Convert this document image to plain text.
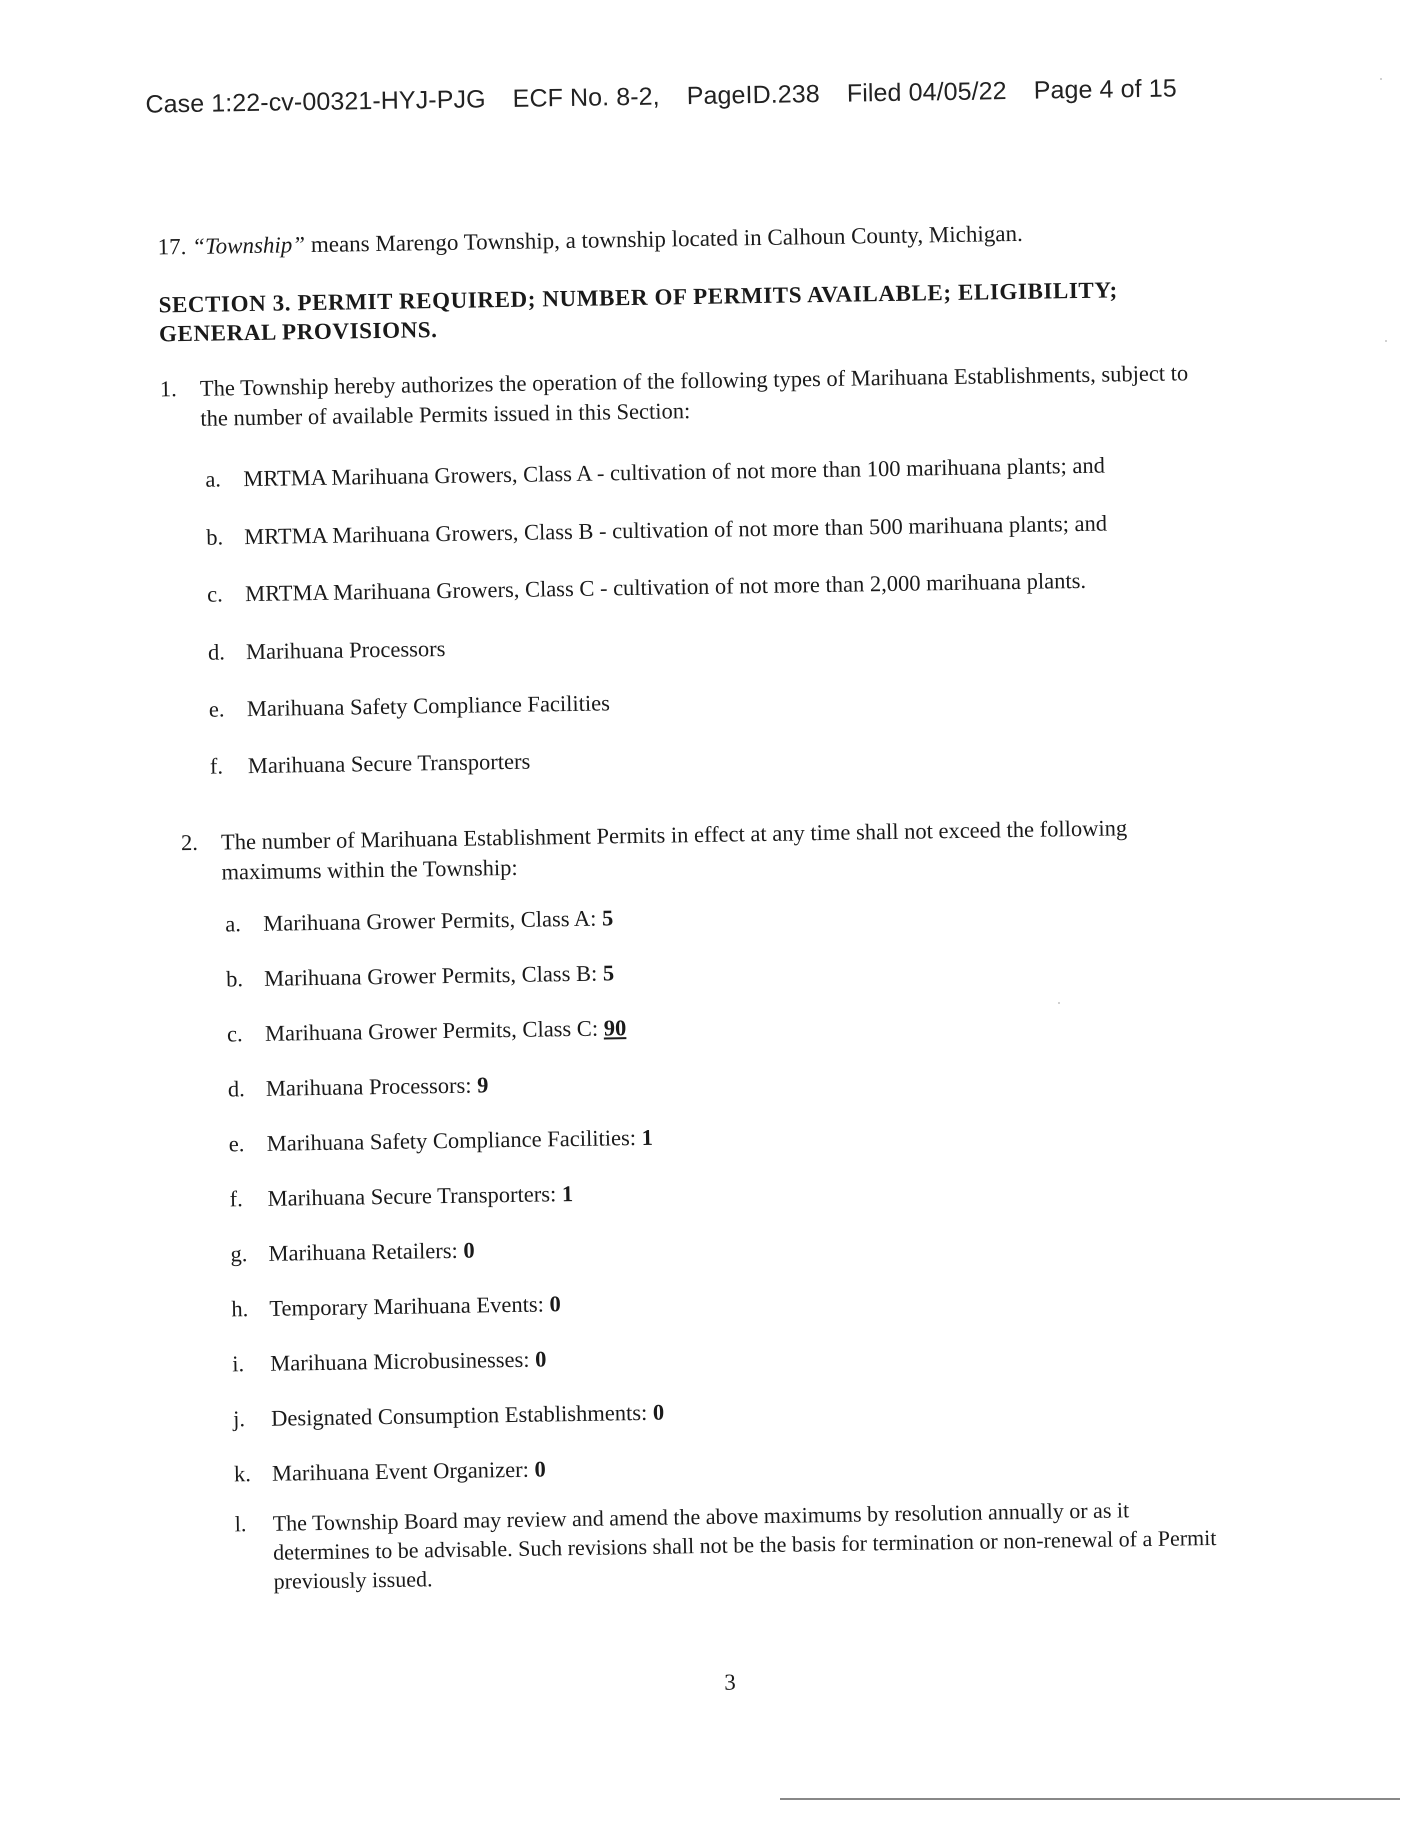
Case 1:22-cv-00321-HYJ-PJG ECF No. 8-2, PageID.238 Filed 04/05/22 Page 4 of 15
17. “Township” means Marengo Township, a township located in Calhoun County, Michigan.
SECTION 3. PERMIT REQUIRED; NUMBER OF PERMITS AVAILABLE; ELIGIBILITY; GENERAL PROVISIONS.
1. The Township hereby authorizes the operation of the following types of Marihuana Establishments, subject to the number of available Permits issued in this Section:
a. MRTMA Marihuana Growers, Class A - cultivation of not more than 100 marihuana plants; and
b. MRTMA Marihuana Growers, Class B - cultivation of not more than 500 marihuana plants; and
c. MRTMA Marihuana Growers, Class C - cultivation of not more than 2,000 marihuana plants.
d. Marihuana Processors
e. Marihuana Safety Compliance Facilities
f. Marihuana Secure Transporters
2. The number of Marihuana Establishment Permits in effect at any time shall not exceed the following maximums within the Township:
a. Marihuana Grower Permits, Class A: 5
b. Marihuana Grower Permits, Class B: 5
c. Marihuana Grower Permits, Class C: 90
d. Marihuana Processors: 9
e. Marihuana Safety Compliance Facilities: 1
f. Marihuana Secure Transporters: 1
g. Marihuana Retailers: 0
h. Temporary Marihuana Events: 0
i. Marihuana Microbusinesses: 0
j. Designated Consumption Establishments: 0
k. Marihuana Event Organizer: 0
l. The Township Board may review and amend the above maximums by resolution annually or as it determines to be advisable. Such revisions shall not be the basis for termination or non-renewal of a Permit previously issued.
3
